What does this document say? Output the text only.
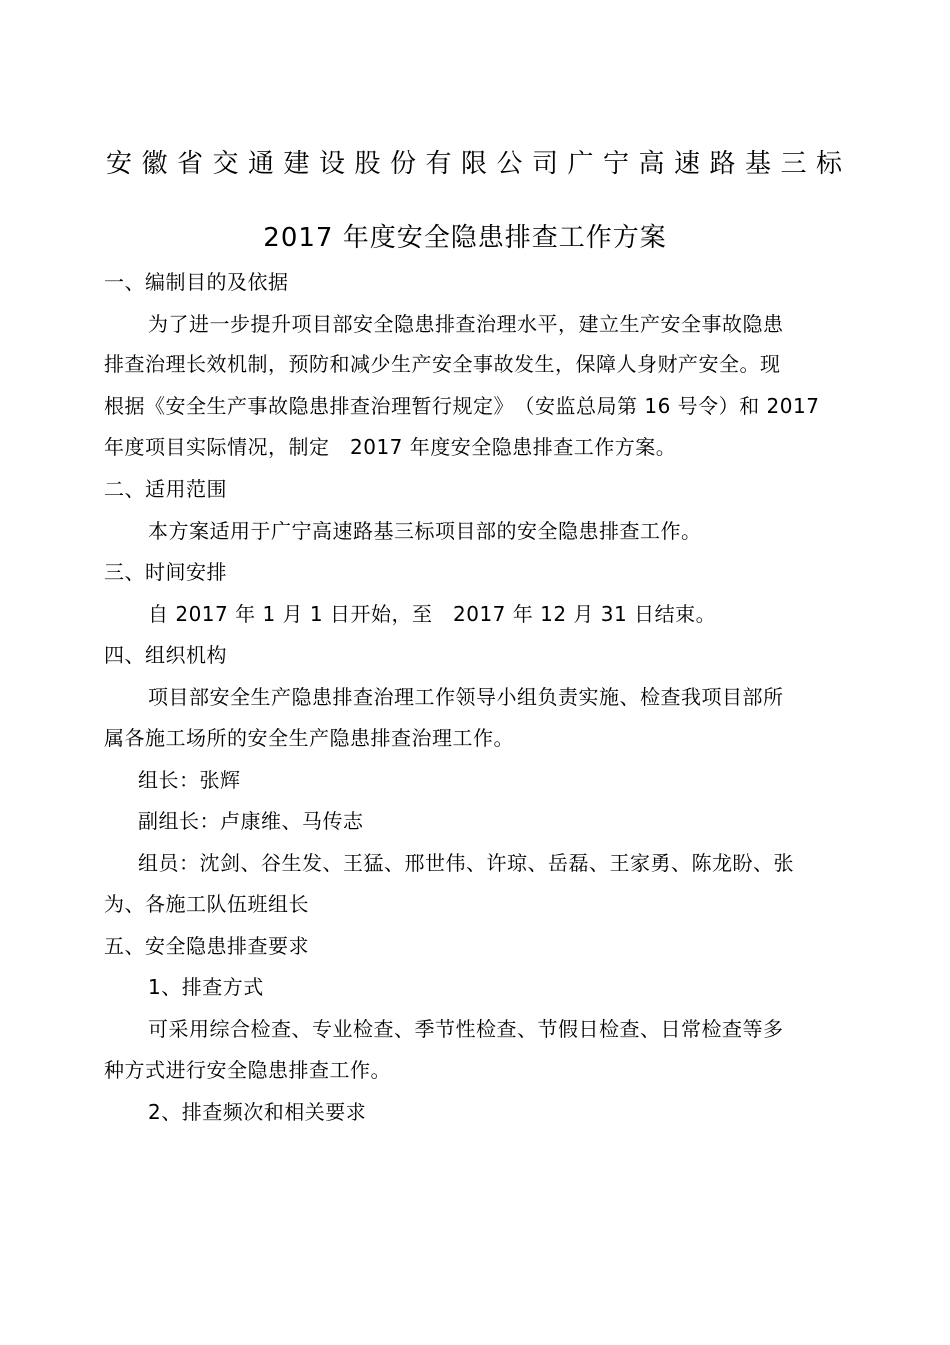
安徽省交通建设股份有限公司广宁高速路基三标
2017 年度安全隐患排查工作方案
一、编制目的及依据
为了进一步提升项目部安全隐患排查治理水平，建立生产安全事故隐患
排查治理长效机制，预防和减少生产安全事故发生，保障人身财产安全。现
根据《安全生产事故隐患排查治理暂行规定》　（安监总局第 16 号令）和 2017
年度项目实际情况，制定　2017 年度安全隐患排查工作方案。
二、适用范围
本方案适用于广宁高速路基三标项目部的安全隐患排查工作。
三、时间安排
自 2017 年 1 月 1 日开始，至　2017 年 12 月 31 日结束。
四、组织机构
项目部安全生产隐患排查治理工作领导小组负责实施、检查我项目部所
属各施工场所的安全生产隐患排查治理工作。
组长：张辉
副组长：卢康维、马传志
组员：沈剑、谷生发、王猛、邢世伟、许琼、岳磊、王家勇、陈龙盼、张
为、各施工队伍班组长
五、安全隐患排查要求
1、排查方式
可采用综合检查、专业检查、季节性检查、节假日检查、日常检查等多
种方式进行安全隐患排查工作。
2、排查频次和相关要求
